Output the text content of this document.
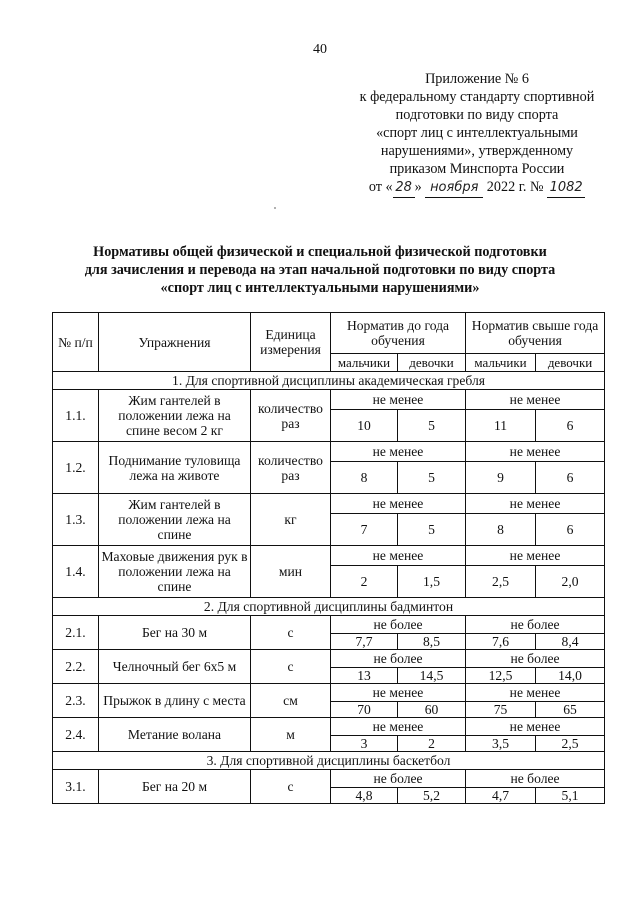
40
Приложение № 6
к федеральному стандарту спортивной
подготовки по виду спорта
«спорт лиц с интеллектуальными
нарушениями», утвержденному
приказом Минспорта России
от « 28 » ноября 2022 г. № 1082
Нормативы общей физической и специальной физической подготовки
для зачисления и перевода на этап начальной подготовки по виду спорта
«спорт лиц с интеллектуальными нарушениями»
№ п/п	Упражнения	Единица измерения	Норматив до года обучения		Норматив свыше года обучения	
			мальчики	девочки	мальчики	девочки
1. Для спортивной дисциплины академическая гребля						
1.1.	Жим гантелей в положении лежа на спине весом 2 кг	количество раз	не менее		не менее	
			10	5	11	6
1.2.	Поднимание туловища лежа на животе	количество раз	не менее		не менее	
			8	5	9	6
1.3.	Жим гантелей в положении лежа на спине	кг	не менее		не менее	
			7	5	8	6
1.4.	Маховые движения рук в положении лежа на спине	мин	не менее		не менее	
			2	1,5	2,5	2,0
2. Для спортивной дисциплины бадминтон						
2.1.	Бег на 30 м	с	не более		не более	
			7,7	8,5	7,6	8,4
2.2.	Челночный бег 6х5 м	с	не более		не более	
			13	14,5	12,5	14,0
2.3.	Прыжок в длину с места	см	не менее		не менее	
			70	60	75	65
2.4.	Метание волана	м	не менее		не менее	
			3	2	3,5	2,5
3. Для спортивной дисциплины баскетбол						
3.1.	Бег на 20 м	с	не более		не более	
			4,8	5,2	4,7	5,1
